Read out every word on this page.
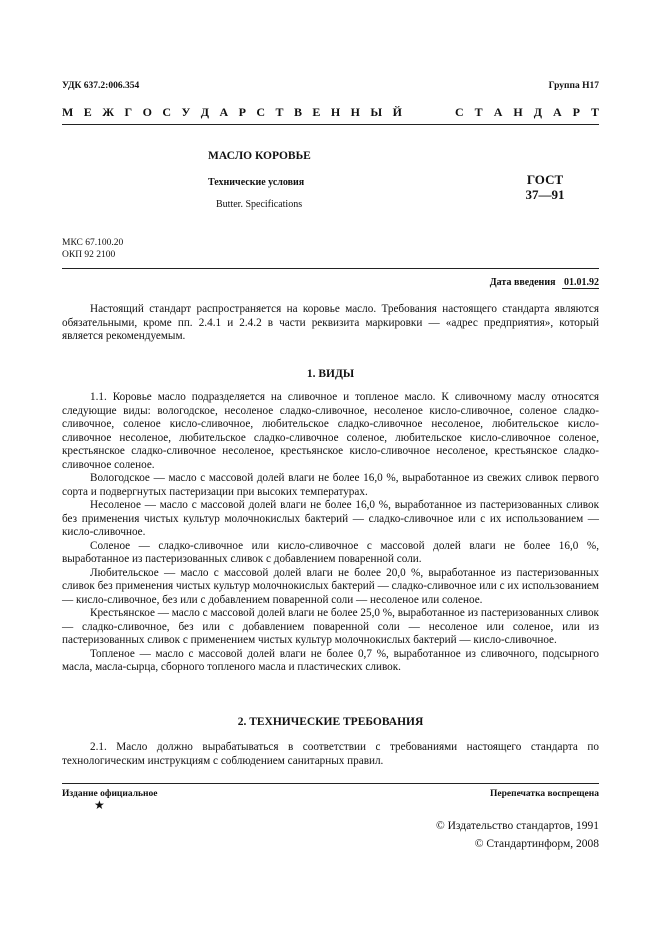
УДК 637.2:006.354	Группа Н17
М Е Ж Г О С У Д А Р С Т В Е Н Н Ы Й	С Т А Н Д А Р Т
МАСЛО КОРОВЬЕ
Технические условия
Butter. Specifications
ГОСТ
37—91
МКС 67.100.20
ОКП 92 2100
Дата введения 01.01.92

Настоящий стандарт распространяется на коровье масло. Требования настоящего стандарта являются обязательными, кроме пп. 2.4.1 и 2.4.2 в части реквизита маркировки — «адрес предприятия», который является рекомендуемым.

1. ВИДЫ

1.1. Коровье масло подразделяется на сливочное и топленое масло. К сливочному маслу относятся следующие виды: вологодское, несоленое сладко-сливочное, несоленое кисло-сливочное, соленое сладко-сливочное, соленое кисло-сливочное, любительское сладко-сливочное несоленое, любительское кисло-сливочное несоленое, любительское сладко-сливочное соленое, любительское кисло-сливочное соленое, крестьянское сладко-сливочное несоленое, крестьянское кисло-сливочное несоленое, крестьянское сладко-сливочное соленое.

Вологодское — масло с массовой долей влаги не более 16,0 %, выработанное из свежих сливок первого сорта и подвергнутых пастеризации при высоких температурах.

Несоленое — масло с массовой долей влаги не более 16,0 %, выработанное из пастеризованных сливок без применения чистых культур молочнокислых бактерий — сладко-сливочное или с их использованием — кисло-сливочное.

Соленое — сладко-сливочное или кисло-сливочное с массовой долей влаги не более 16,0 %, выработанное из пастеризованных сливок с добавлением поваренной соли.

Любительское — масло с массовой долей влаги не более 20,0 %, выработанное из пастеризованных сливок без применения чистых культур молочнокислых бактерий — сладко-сливочное или с их использованием — кисло-сливочное, без или с добавлением поваренной соли — несоленое или соленое.

Крестьянское — масло с массовой долей влаги не более 25,0 %, выработанное из пастеризованных сливок — сладко-сливочное, без или с добавлением поваренной соли — несоленое или соленое, или из пастеризованных сливок с применением чистых культур молочнокислых бактерий — кисло-сливочное.

Топленое — масло с массовой долей влаги не более 0,7 %, выработанное из сливочного, подсырного масла, масла-сырца, сборного топленого масла и пластических сливок.

2. ТЕХНИЧЕСКИЕ ТРЕБОВАНИЯ

2.1. Масло должно вырабатываться в соответствии с требованиями настоящего стандарта по технологическим инструкциям с соблюдением санитарных правил.

Издание официальное	Перепечатка воспрещена
★
© Издательство стандартов, 1991
© Стандартинформ, 2008
